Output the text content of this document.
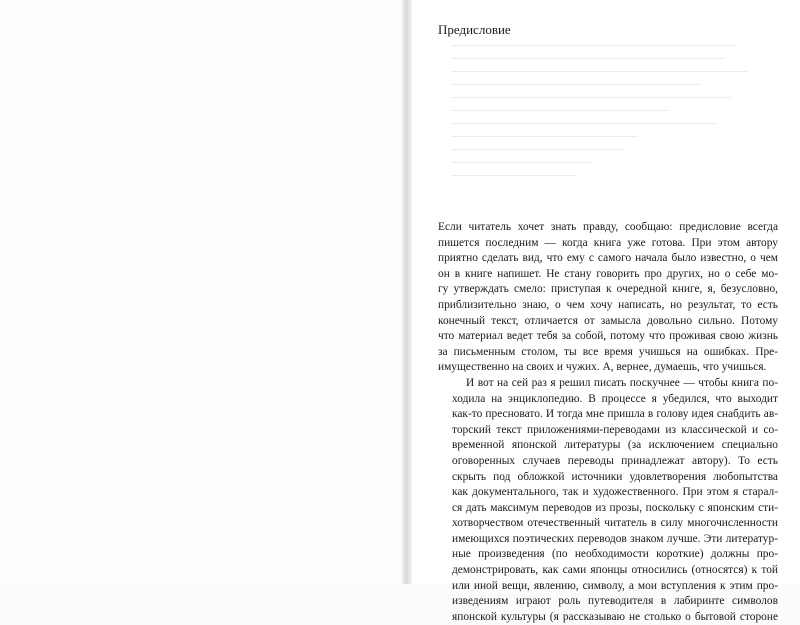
Предисловие

Если читатель хочет знать правду, сообщаю: предисловие всегда
пишется последним — когда книга уже готова. При этом автору
приятно сделать вид, что ему с самого начала было известно, о чем
он в книге напишет. Не стану говорить про других, но о себе мо-
гу утверждать смело: приступая к очередной книге, я, безусловно,
приблизительно знаю, о чем хочу написать, но результат, то есть
конечный текст, отличается от замысла довольно сильно. Потому
что материал ведет тебя за собой, потому что проживая свою жизнь
за письменным столом, ты все время учишься на ошибках. Пре-
имущественно на своих и чужих. А, вернее, думаешь, что учишься.

И вот на сей раз я решил писать поскучнее — чтобы книга по-
ходила на энциклопедию. В процессе я убедился, что выходит
как-то пресновато. И тогда мне пришла в голову идея снабдить ав-
торский текст приложениями-переводами из классической и со-
временной японской литературы (за исключением специально
оговоренных случаев переводы принадлежат автору). То есть
скрыть под обложкой источники удовлетворения любопытства
как документального, так и художественного. При этом я старал-
ся дать максимум переводов из прозы, поскольку с японским сти-
хотворчеством отечественный читатель в силу многочисленности
имеющихся поэтических переводов знаком лучше. Эти литератур-
ные произведения (по необходимости короткие) должны про-
демонстрировать, как сами японцы относились (относятся) к той
или иной вещи, явлению, символу, а мои вступления к этим про-
изведениям играют роль путеводителя в лабиринте символов
японской культуры (я рассказываю не столько о бытовой стороне
